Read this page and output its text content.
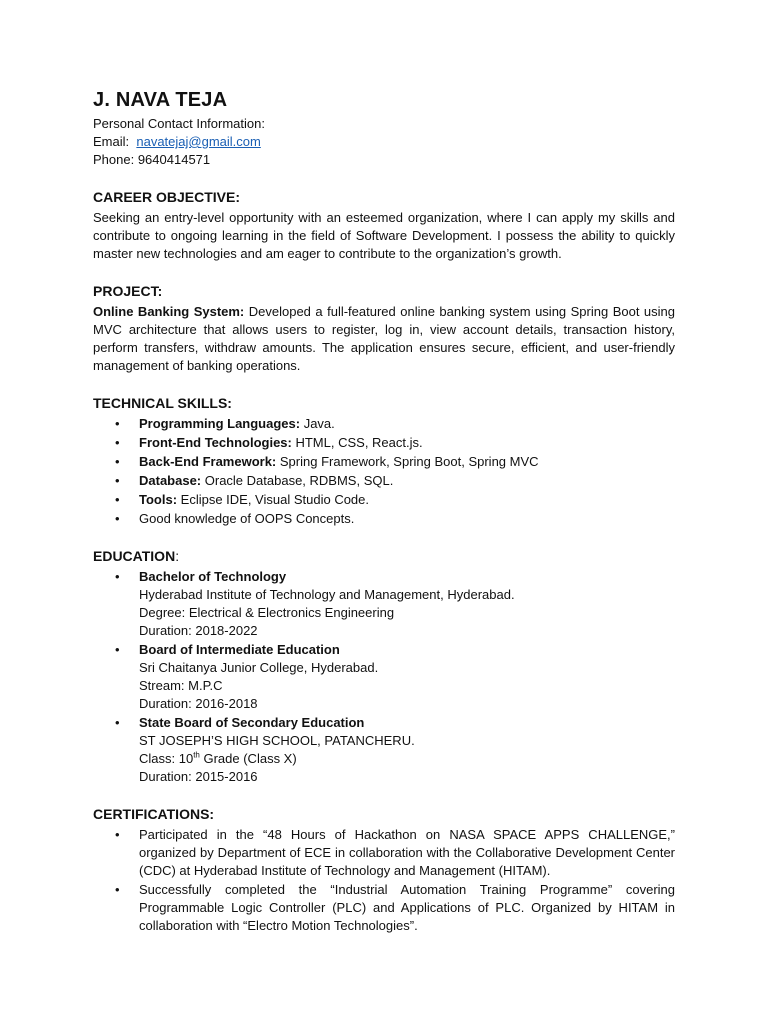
J. NAVA TEJA

Personal Contact Information:

Email: navatejaj@gmail.com

Phone: 9640414571

CAREER OBJECTIVE:

Seeking an entry-level opportunity with an esteemed organization, where I can apply my skills and contribute to ongoing learning in the field of Software Development. I possess the ability to quickly master new technologies and am eager to contribute to the organization’s growth.

PROJECT:

Online Banking System: Developed a full-featured online banking system using Spring Boot using MVC architecture that allows users to register, log in, view account details, transaction history, perform transfers, withdraw amounts. The application ensures secure, efficient, and user-friendly management of banking operations.

TECHNICAL SKILLS:
• Programming Languages: Java.
• Front-End Technologies: HTML, CSS, React.js.
• Back-End Framework: Spring Framework, Spring Boot, Spring MVC
• Database: Oracle Database, RDBMS, SQL.
• Tools: Eclipse IDE, Visual Studio Code.
• Good knowledge of OOPS Concepts.
EDUCATION:
• Bachelor of Technology
Hyderabad Institute of Technology and Management, Hyderabad.
Degree: Electrical & Electronics Engineering
Duration: 2018-2022
• Board of Intermediate Education
Sri Chaitanya Junior College, Hyderabad.
Stream: M.P.C
Duration: 2016-2018
• State Board of Secondary Education
ST JOSEPH’S HIGH SCHOOL, PATANCHERU.
Class: 10th Grade (Class X)
Duration: 2015-2016
CERTIFICATIONS:
• Participated in the “48 Hours of Hackathon on NASA SPACE APPS CHALLENGE,” organized by Department of ECE in collaboration with the Collaborative Development Center (CDC) at Hyderabad Institute of Technology and Management (HITAM).
• Successfully completed the “Industrial Automation Training Programme” covering Programmable Logic Controller (PLC) and Applications of PLC. Organized by HITAM in collaboration with “Electro Motion Technologies”.
